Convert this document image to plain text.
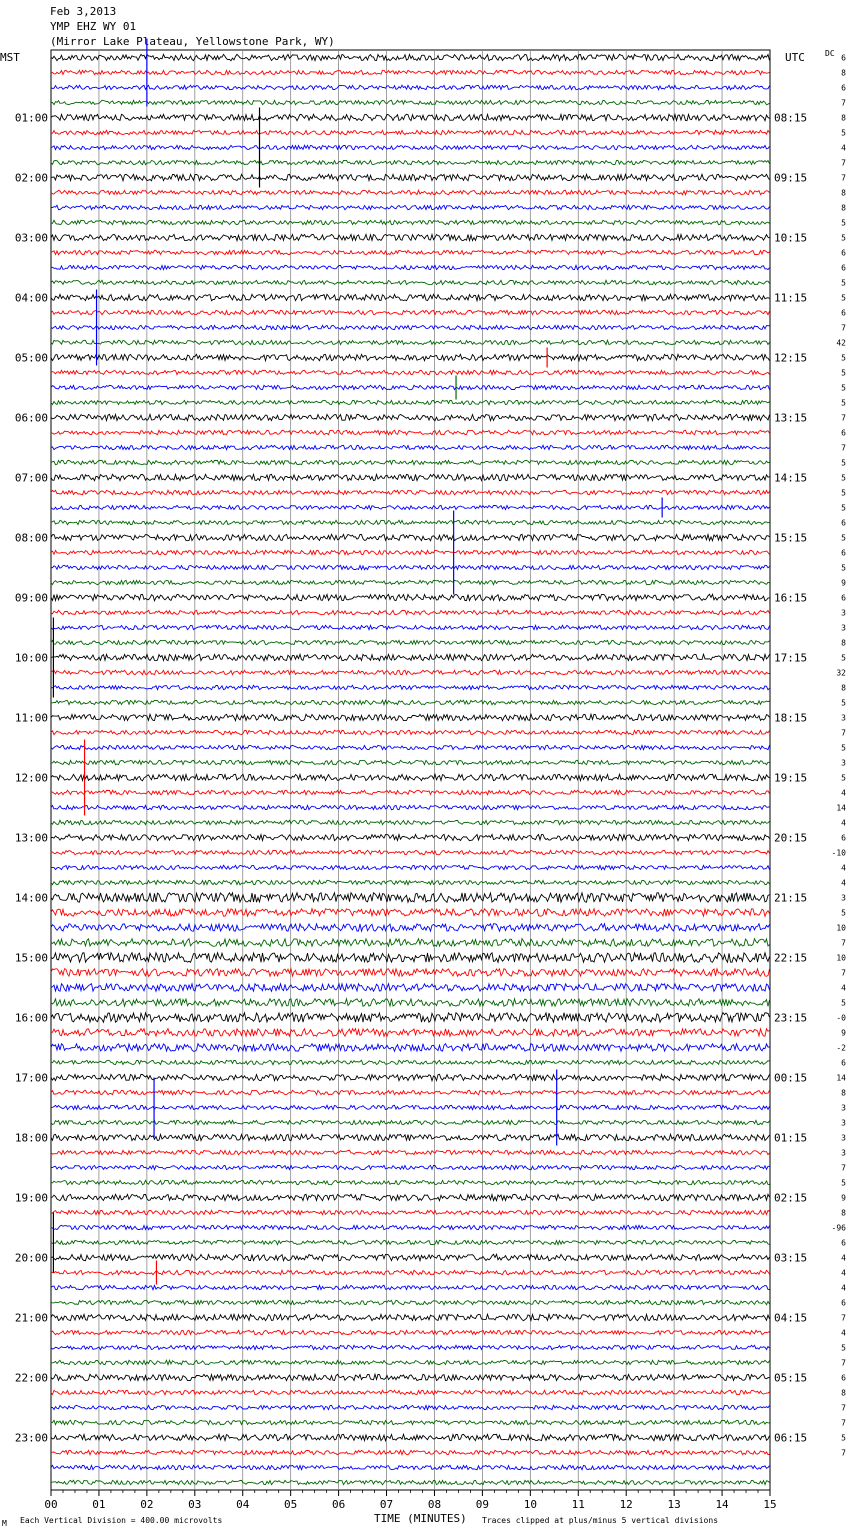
Feb 3,2013
YMP EHZ WY 01
(Mirror Lake Plateau, Yellowstone Park, WY)
MST	UTC	DC
01:00
02:00
03:00
04:00
05:00
06:00
07:00
08:00
09:00
10:00
11:00
12:00
13:00
14:00
15:00
16:00
17:00
18:00
19:00
20:00
21:00
22:00
23:00
08:15
09:15
10:15
11:15
12:15
13:15
14:15
15:15
16:15
17:15
18:15
19:15
20:15
21:15
22:15
23:15
00:15
01:15
02:15
03:15
04:15
05:15
06:15
6
8
6
7
8
5
4
7
7
8
8
5
5
6
6
5
5
6
7
42
5
5
5
5
7
6
7
5
5
5
5
6
5
6
5
9
6
3
3
8
5
32
8
5
3
7
5
3
5
4
14
4
6
-10
4
4
3
5
10
7
10
7
4
5
-0
9
-2
6
14
8
3
3
3
3
7
5
9
8
-96
6
4
4
4
6
7
4
5
7
6
8
7
7
5
7
00	01	02	03	04	05	06	07	08	09	10	11	12	13	14	15
Each Vertical Division = 400.00 microvolts	TIME (MINUTES) Traces clipped at plus/minus 5 vertical divisions
M
